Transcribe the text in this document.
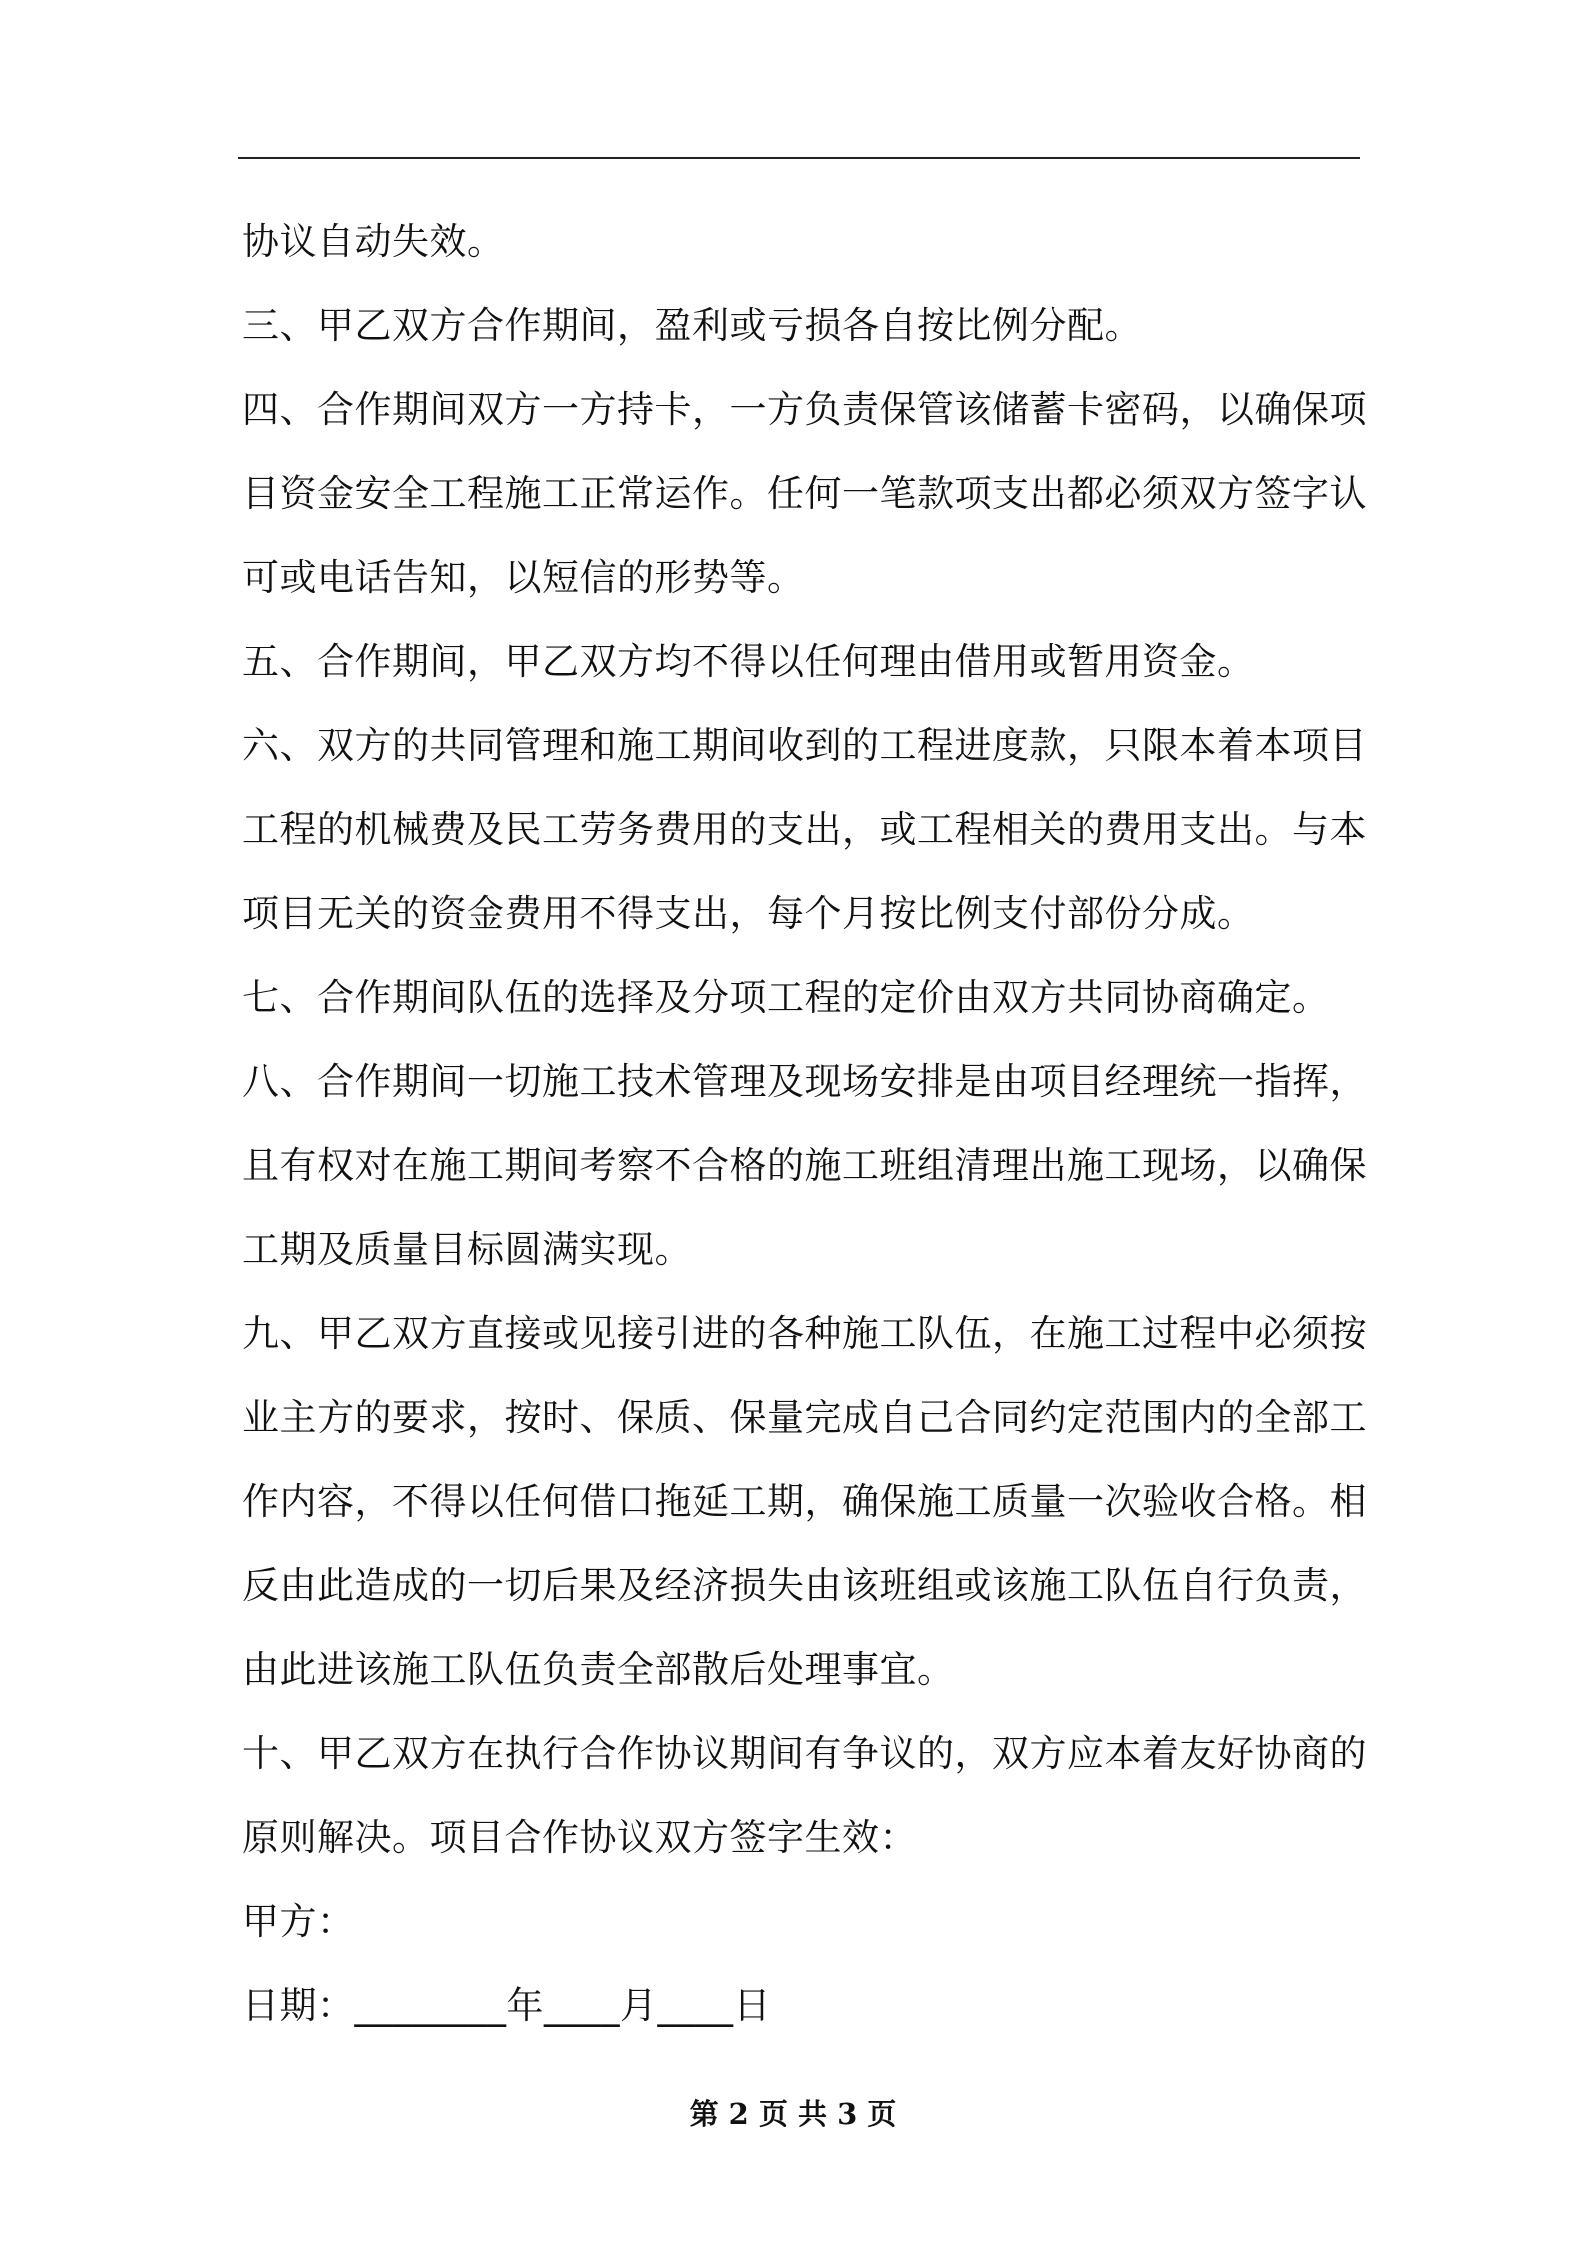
协议自动失效。
三、甲乙双方合作期间，盈利或亏损各自按比例分配。
四、合作期间双方一方持卡，一方负责保管该储蓄卡密码，以确保项
目资金安全工程施工正常运作。任何一笔款项支出都必须双方签字认
可或电话告知，以短信的形势等。
五、合作期间，甲乙双方均不得以任何理由借用或暂用资金。
六、双方的共同管理和施工期间收到的工程进度款，只限本着本项目
工程的机械费及民工劳务费用的支出，或工程相关的费用支出。与本
项目无关的资金费用不得支出，每个月按比例支付部份分成。
七、合作期间队伍的选择及分项工程的定价由双方共同协商确定。
八、合作期间一切施工技术管理及现场安排是由项目经理统一指挥，
且有权对在施工期间考察不合格的施工班组清理出施工现场，以确保
工期及质量目标圆满实现。
九、甲乙双方直接或见接引进的各种施工队伍，在施工过程中必须按
业主方的要求，按时、保质、保量完成自己合同约定范围内的全部工
作内容，不得以任何借口拖延工期，确保施工质量一次验收合格。相
反由此造成的一切后果及经济损失由该班组或该施工队伍自行负责，
由此进该施工队伍负责全部散后处理事宜。
十、甲乙双方在执行合作协议期间有争议的，双方应本着友好协商的
原则解决。项目合作协议双方签字生效：
甲方：
日期：________年____月____日
第 2 页 共 3 页
